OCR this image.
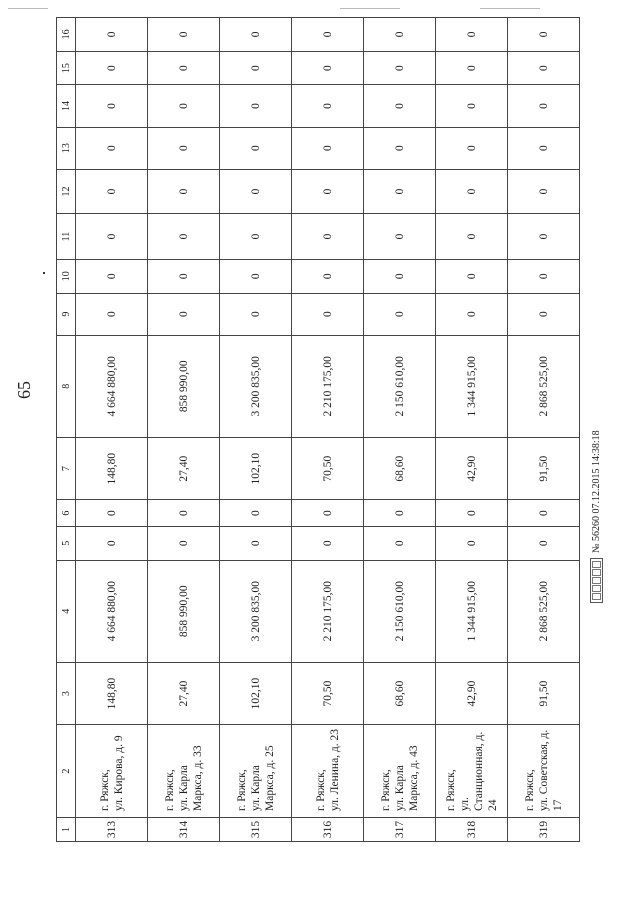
65
1	2	3	4	5	6	7	8	9	10	11	12	13	14	15	16
313	г. Ряжск, ул. Кирова, д. 9	148,80	4 664 880,00	0	0	148,80	4 664 880,00	0	0	0	0	0	0	0	0
314	г. Ряжск, ул. Карла Маркса, д. 33	27,40	858 990,00	0	0	27,40	858 990,00	0	0	0	0	0	0	0	0
315	г. Ряжск, ул. Карла Маркса, д. 25	102,10	3 200 835,00	0	0	102,10	3 200 835,00	0	0	0	0	0	0	0	0
316	г. Ряжск, ул. Ленина, д. 23	70,50	2 210 175,00	0	0	70,50	2 210 175,00	0	0	0	0	0	0	0	0
317	г. Ряжск, ул. Карла Маркса, д. 43	68,60	2 150 610,00	0	0	68,60	2 150 610,00	0	0	0	0	0	0	0	0
318	г. Ряжск, ул. Станционная, д. 24	42,90	1 344 915,00	0	0	42,90	1 344 915,00	0	0	0	0	0	0	0	0
319	г. Ряжск, ул. Советская, д. 17	91,50	2 868 525,00	0	0	91,50	2 868 525,00	0	0	0	0	0	0	0	0
№ 56260 07.12.2015 14:38:18
